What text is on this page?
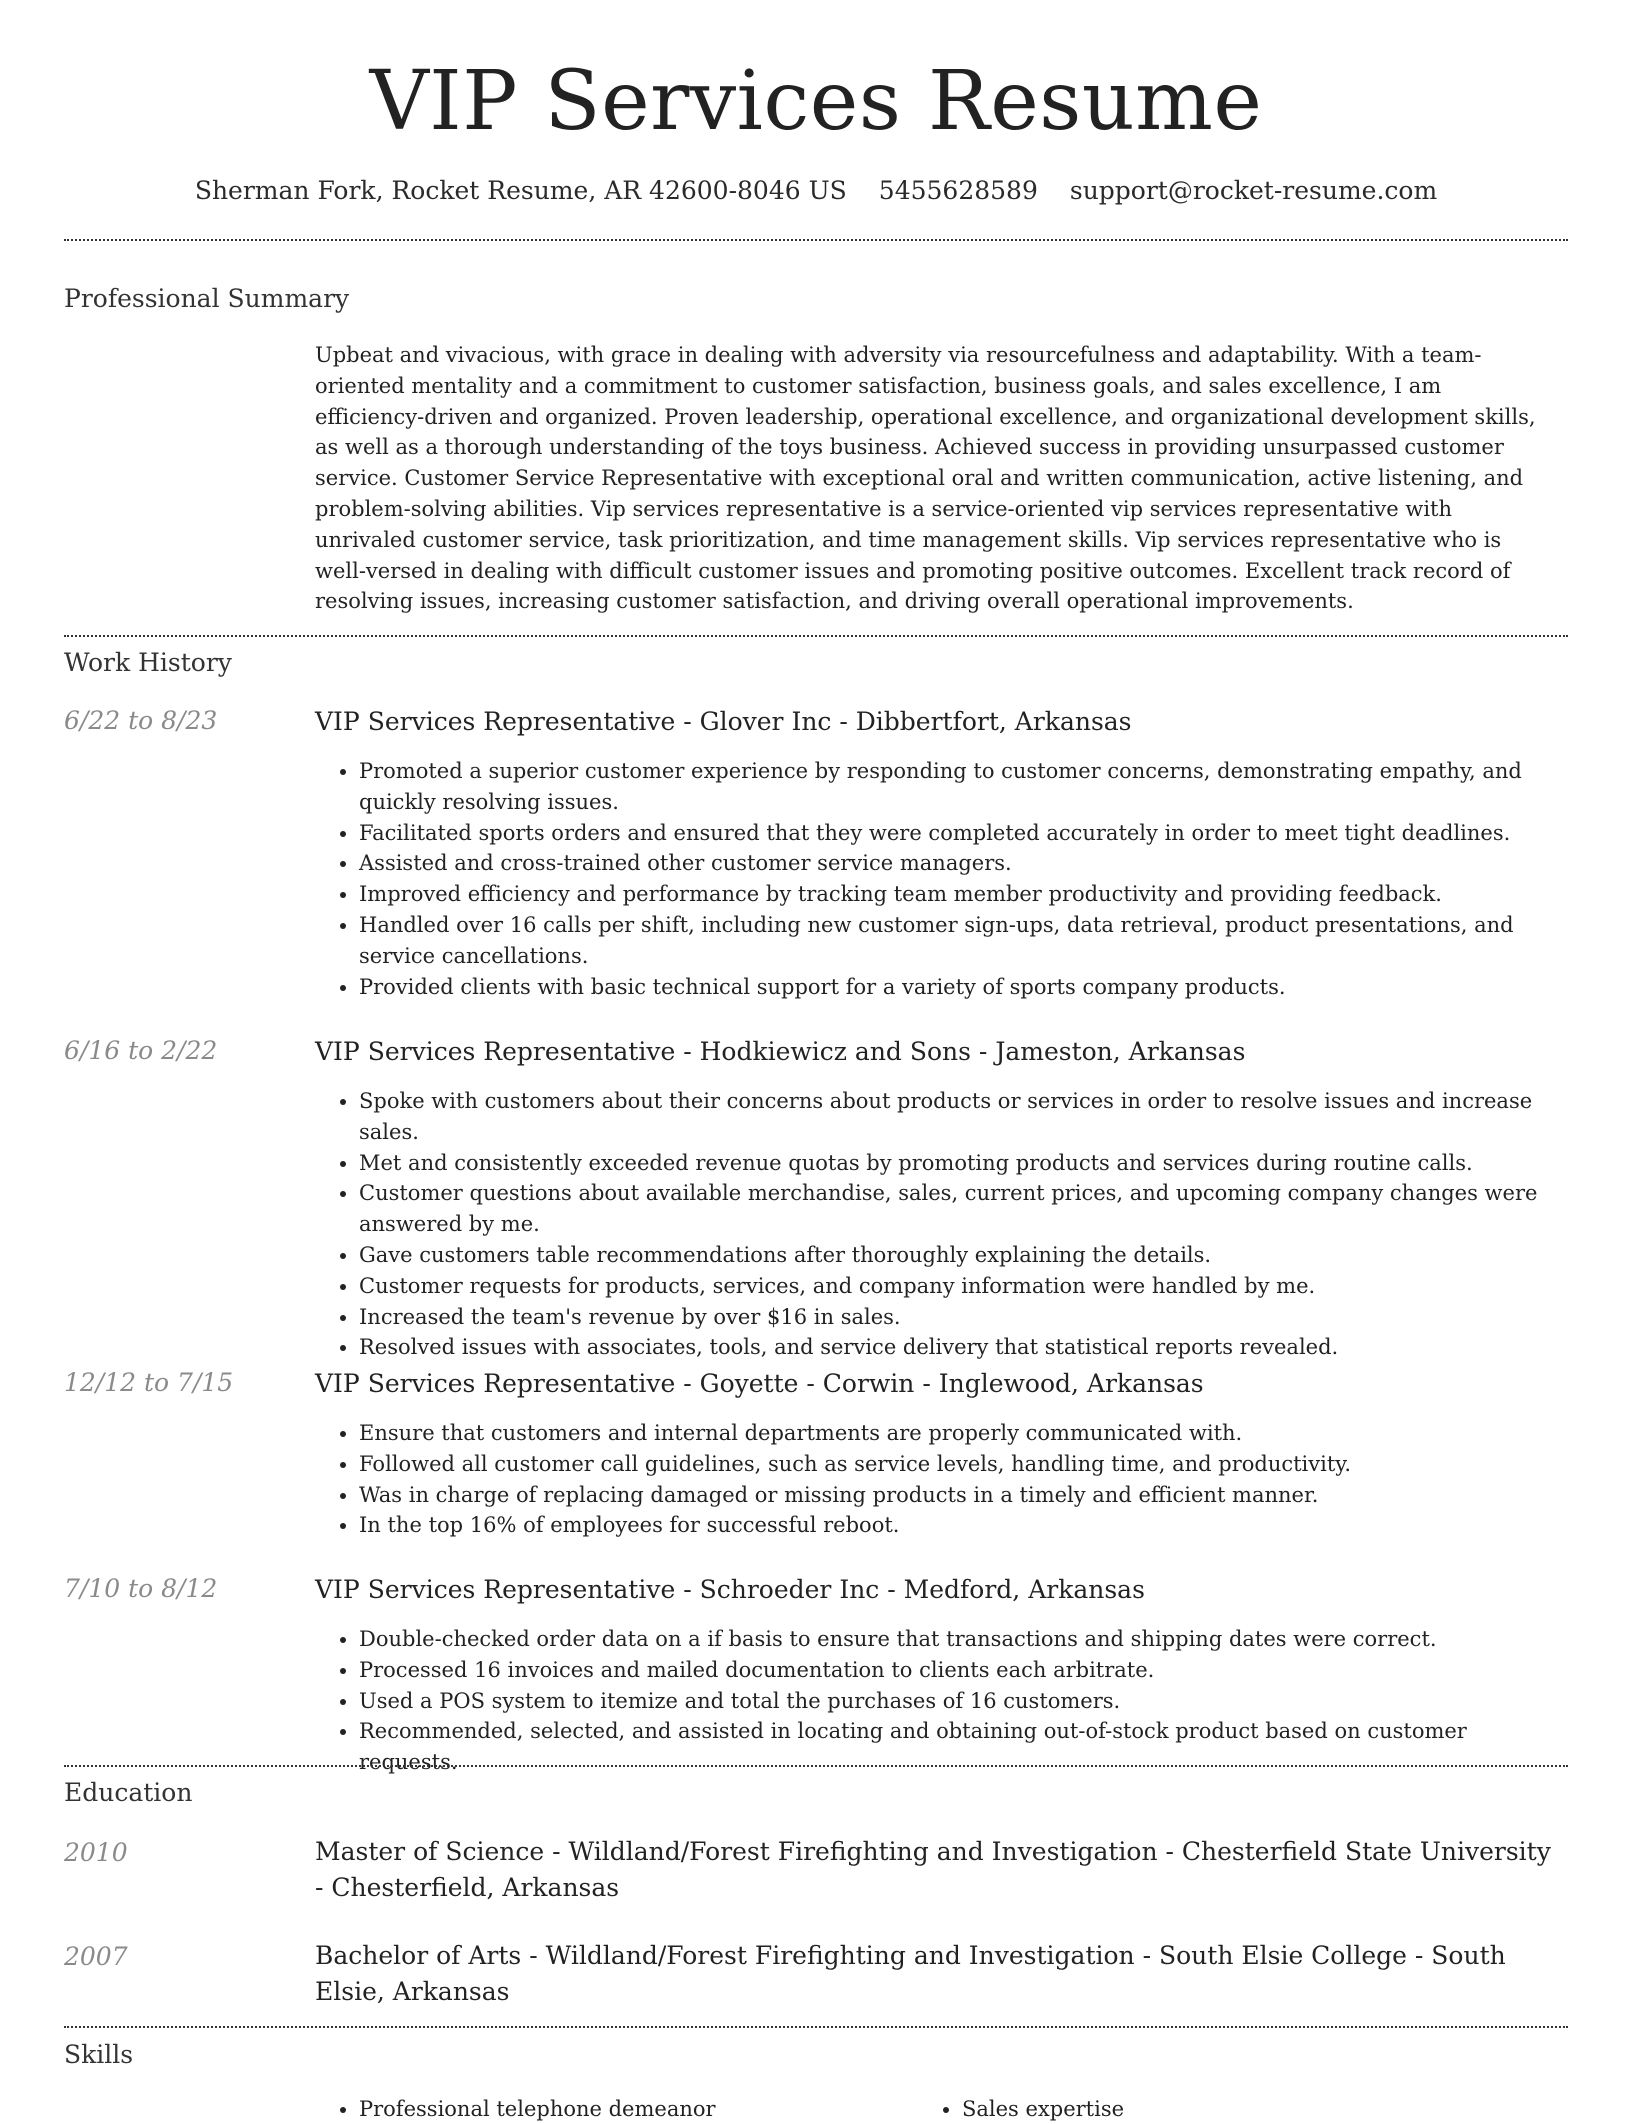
VIP Services Resume
Sherman Fork, Rocket Resume, AR 42600-8046 US 5455628589 support@rocket-resume.com
Professional Summary
Upbeat and vivacious, with grace in dealing with adversity via resourcefulness and adaptability. With a team-oriented mentality and a commitment to customer satisfaction, business goals, and sales excellence, I am efficiency-driven and organized. Proven leadership, operational excellence, and organizational development skills, as well as a thorough understanding of the toys business. Achieved success in providing unsurpassed customer service. Customer Service Representative with exceptional oral and written communication, active listening, and problem-solving abilities. Vip services representative is a service-oriented vip services representative with unrivaled customer service, task prioritization, and time management skills. Vip services representative who is well-versed in dealing with difficult customer issues and promoting positive outcomes. Excellent track record of resolving issues, increasing customer satisfaction, and driving overall operational improvements.
Work History
6/22 to 8/23	VIP Services Representative - Glover Inc - Dibbertfort, Arkansas
• Promoted a superior customer experience by responding to customer concerns, demonstrating empathy, and quickly resolving issues.
• Facilitated sports orders and ensured that they were completed accurately in order to meet tight deadlines.
• Assisted and cross-trained other customer service managers.
• Improved efficiency and performance by tracking team member productivity and providing feedback.
• Handled over 16 calls per shift, including new customer sign-ups, data retrieval, product presentations, and service cancellations.
• Provided clients with basic technical support for a variety of sports company products.
6/16 to 2/22	VIP Services Representative - Hodkiewicz and Sons - Jameston, Arkansas
• Spoke with customers about their concerns about products or services in order to resolve issues and increase sales.
• Met and consistently exceeded revenue quotas by promoting products and services during routine calls.
• Customer questions about available merchandise, sales, current prices, and upcoming company changes were answered by me.
• Gave customers table recommendations after thoroughly explaining the details.
• Customer requests for products, services, and company information were handled by me.
• Increased the team's revenue by over $16 in sales.
• Resolved issues with associates, tools, and service delivery that statistical reports revealed.
12/12 to 7/15	VIP Services Representative - Goyette - Corwin - Inglewood, Arkansas
• Ensure that customers and internal departments are properly communicated with.
• Followed all customer call guidelines, such as service levels, handling time, and productivity.
• Was in charge of replacing damaged or missing products in a timely and efficient manner.
• In the top 16% of employees for successful reboot.
7/10 to 8/12	VIP Services Representative - Schroeder Inc - Medford, Arkansas
• Double-checked order data on a if basis to ensure that transactions and shipping dates were correct.
• Processed 16 invoices and mailed documentation to clients each arbitrate.
• Used a POS system to itemize and total the purchases of 16 customers.
• Recommended, selected, and assisted in locating and obtaining out-of-stock product based on customer requests.
Education
2010	Master of Science - Wildland/Forest Firefighting and Investigation - Chesterfield State University - Chesterfield, Arkansas
2007	Bachelor of Arts - Wildland/Forest Firefighting and Investigation - South Elsie College - South Elsie, Arkansas
Skills
• Professional telephone demeanor
•	Sales expertise
